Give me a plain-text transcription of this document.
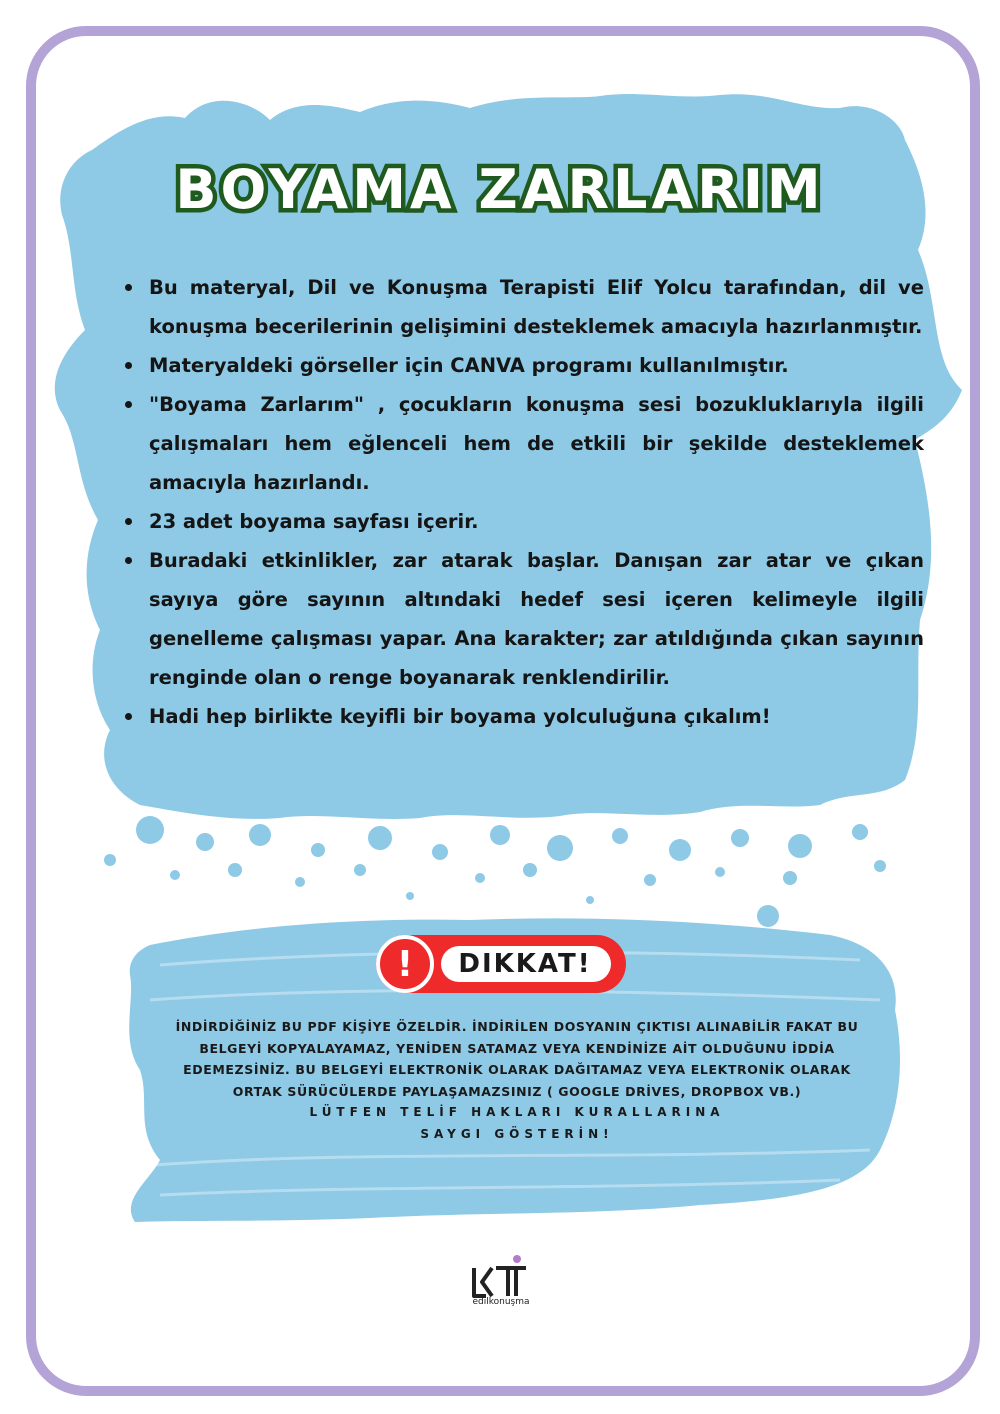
BOYAMA ZARLARIM
Bu materyal, Dil ve Konuşma Terapisti Elif Yolcu tarafından, dil ve konuşma becerilerinin gelişimini desteklemek amacıyla hazırlanmıştır.
Materyaldeki görseller için CANVA programı kullanılmıştır.
"Boyama Zarlarım" , çocukların konuşma sesi bozukluklarıyla ilgili çalışmaları hem eğlenceli hem de etkili bir şekilde desteklemek amacıyla hazırlandı.
23 adet boyama sayfası içerir.
Buradaki etkinlikler, zar atarak başlar. Danışan zar atar ve çıkan sayıya göre sayının altındaki hedef sesi içeren kelimeyle ilgili genelleme çalışması yapar. Ana karakter; zar atıldığında çıkan sayının renginde olan o renge boyanarak renklendirilir.
Hadi hep birlikte keyifli bir boyama yolculuğuna çıkalım!
!	DIKKAT!

İNDİRDİĞİNİZ BU PDF KİŞİYE ÖZELDİR. İNDİRİLEN DOSYANIN ÇIKTISI ALINABİLİR FAKAT BU BELGEYİ KOPYALAYAMAZ, YENİDEN SATAMAZ VEYA KENDİNİZE AİT OLDUĞUNU İDDİA EDEMEZSİNİZ. BU BELGEYİ ELEKTRONİK OLARAK DAĞITAMAZ VEYA ELEKTRONİK OLARAK ORTAK SÜRÜCÜLERDE PAYLAŞAMAZSINIZ ( GOOGLE DRİVES, DROPBOX VB.)

LÜTFEN TELİF HAKLARI KURALLARINA

SAYGI GÖSTERİN!

edilkonuşma
